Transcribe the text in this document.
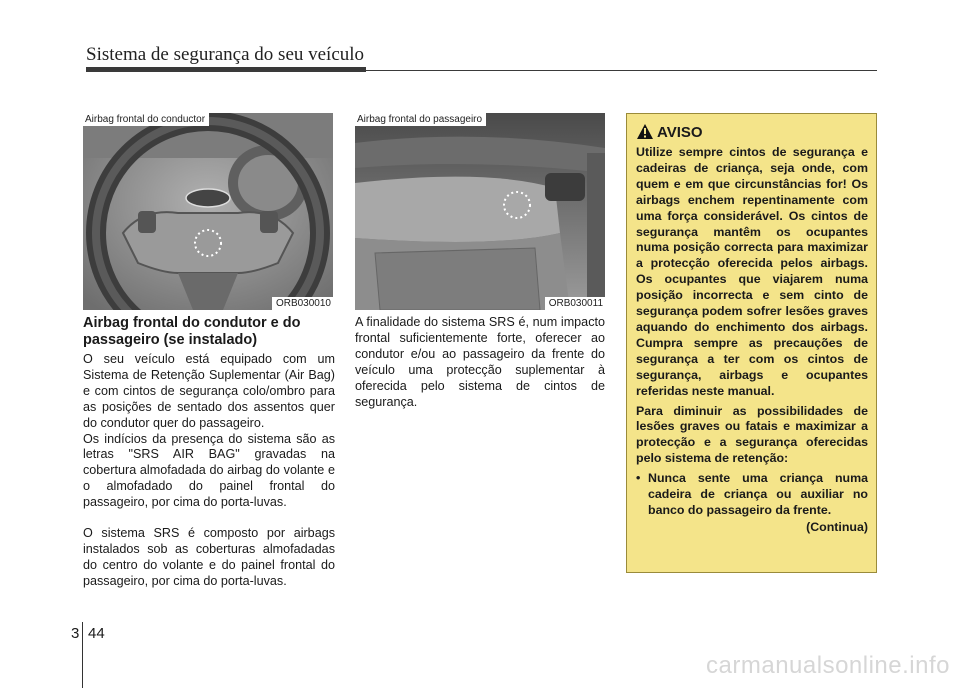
Sistema de segurança do seu veículo
Airbag frontal do conductor
ORB030010
Airbag frontal do passageiro
ORB030011
Airbag frontal do condutor e do passageiro (se instalado)

O seu veículo está equipado com um Sistema de Retenção Suplementar (Air Bag) e com cintos de segurança colo/ombro para as posições de sentado dos assentos quer do condutor quer do passageiro.

Os indícios da presença do sistema são as letras "SRS AIR BAG" gravadas na cobertura almofadada do airbag do volante e o almofadado do painel frontal do passageiro, por cima do porta-luvas.

O sistema SRS é composto por airbags instalados sob as coberturas almofadadas do centro do volante e do painel frontal do passageiro, por cima do porta-luvas.

A finalidade do sistema SRS é, num impacto frontal suficientemente forte, oferecer ao condutor e/ou ao passageiro da frente do veículo uma protecção suplementar à oferecida pelo sistema de cintos de segurança.

AVISO

Utilize sempre cintos de segurança e cadeiras de criança, seja onde, com quem e em que circunstâncias for! Os airbags enchem repentinamente com uma força considerável. Os cintos de segurança mantêm os ocupantes numa posição correcta para maximizar a protecção oferecida pelos airbags. Os ocupantes que viajarem numa posição incorrecta e sem cinto de segurança podem sofrer lesões graves aquando do enchimento dos airbags. Cumpra sempre as precauções de segurança a ter com os cintos de segurança, airbags e ocupantes referidas neste manual.

Para diminuir as possibilidades de lesões graves ou fatais e maximizar a protecção e a segurança oferecidas pelo sistema de retenção:

• Nunca sente uma criança numa cadeira de criança ou auxiliar no banco do passageiro da frente.
(Continua)
3 44
carmanualsonline.info
